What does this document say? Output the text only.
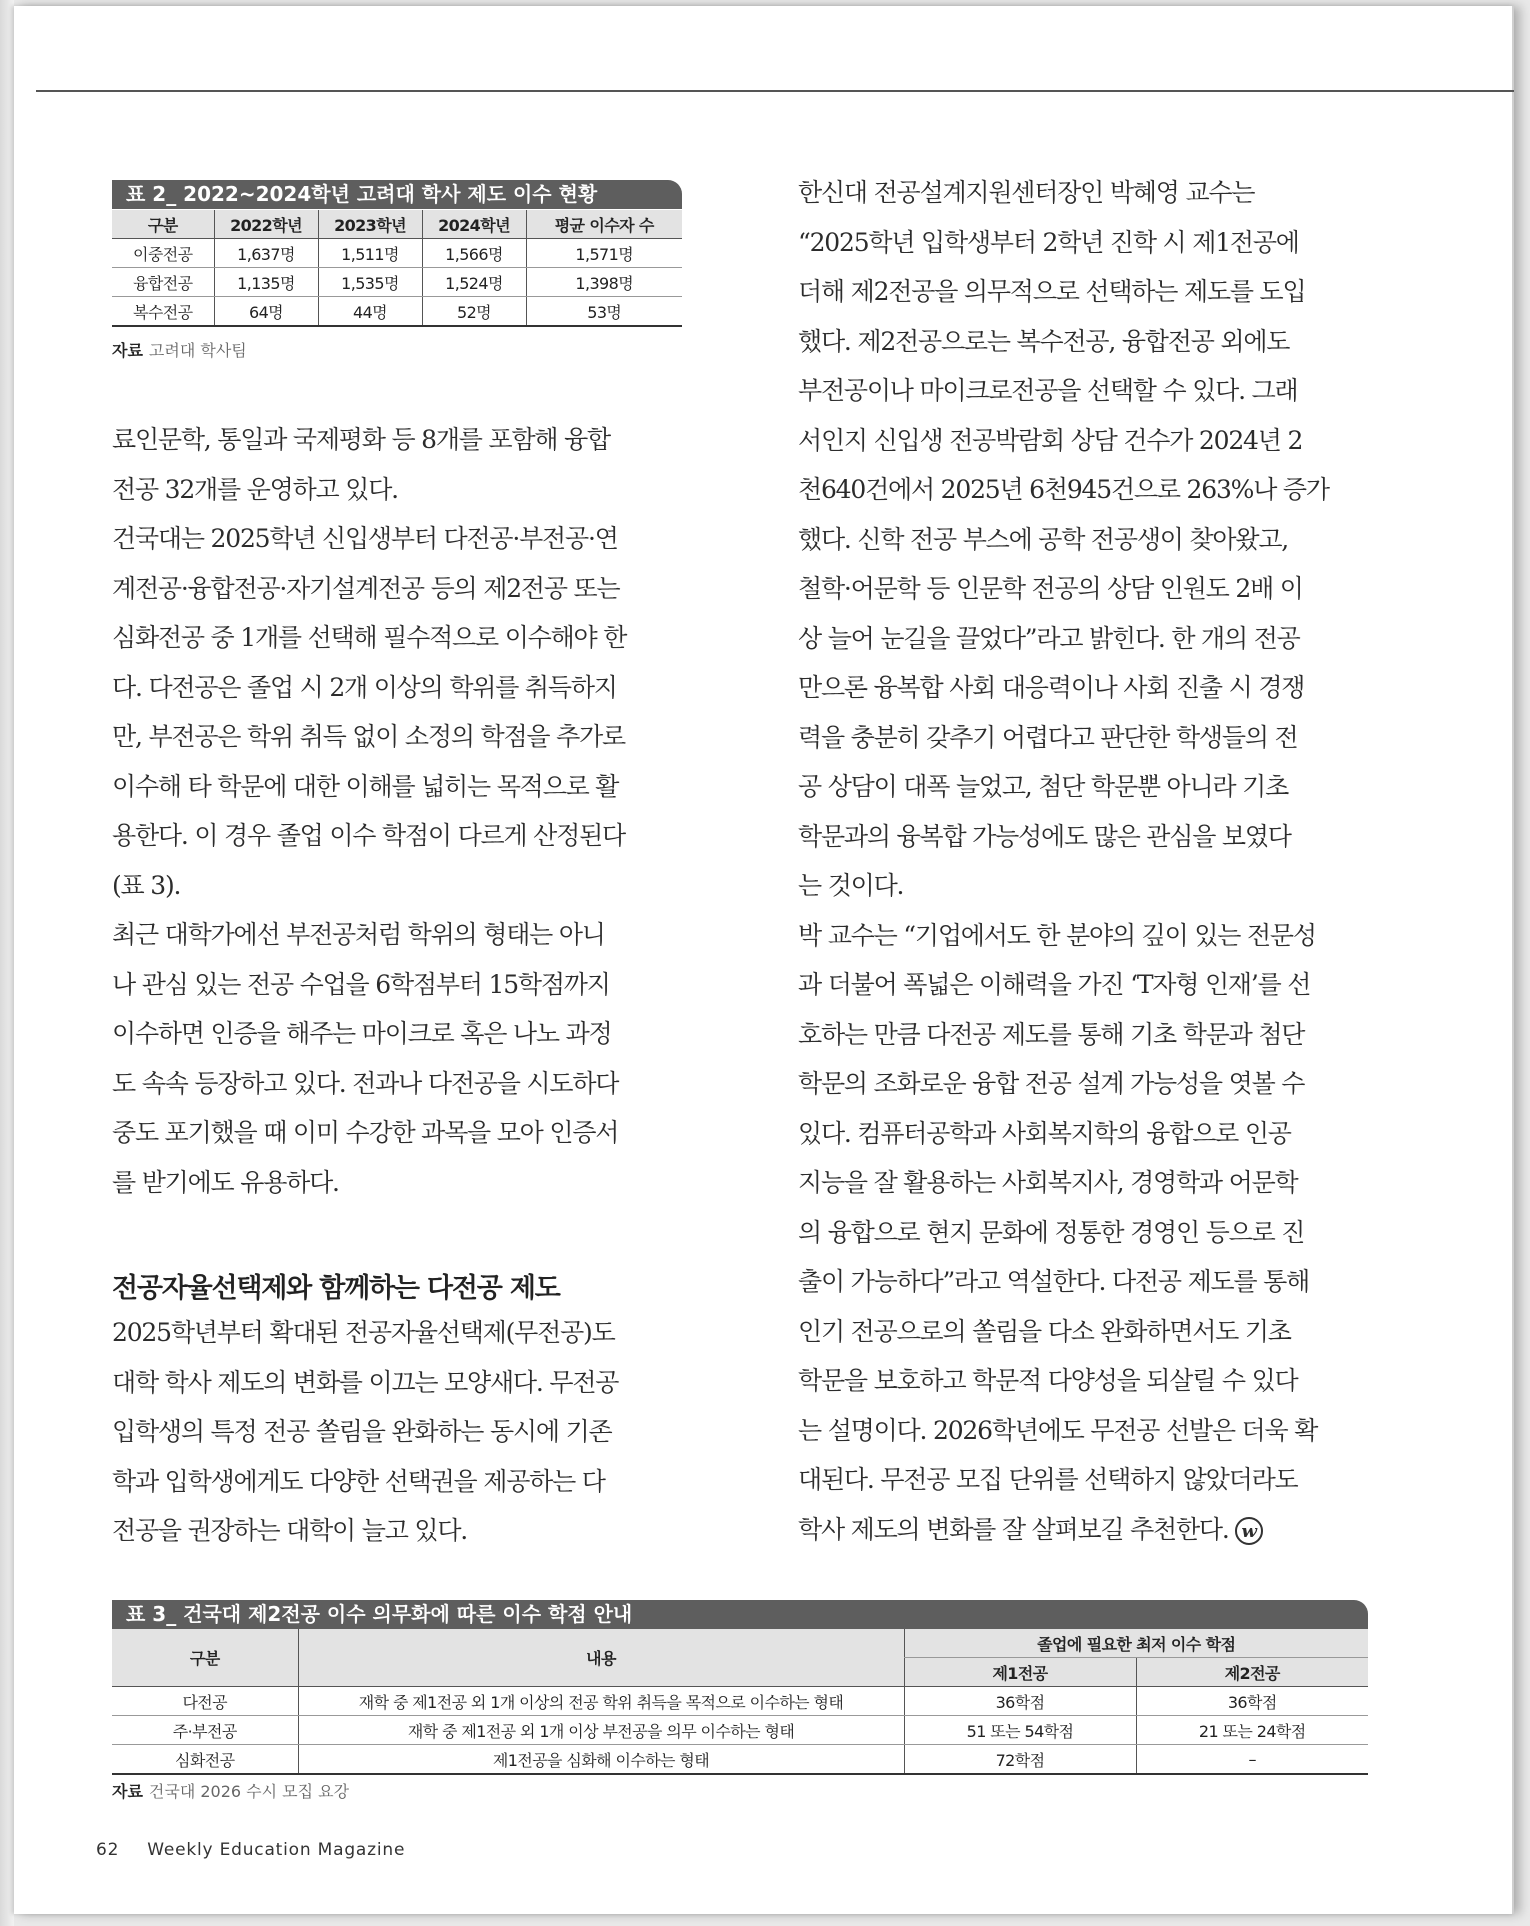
표 2_ 2022~2024학년 고려대 학사 제도 이수 현황
구분	2022학년	2023학년	2024학년	평균 이수자 수
이중전공	1,637명	1,511명	1,566명	1,571명
융합전공	1,135명	1,535명	1,524명	1,398명
복수전공	64명	44명	52명	53명
자료 고려대 학사팀

료인문학, 통일과 국제평화 등 8개를 포함해 융합
전공 32개를 운영하고 있다.

건국대는 2025학년 신입생부터 다전공·부전공·연
계전공·융합전공·자기설계전공 등의 제2전공 또는
심화전공 중 1개를 선택해 필수적으로 이수해야 한
다. 다전공은 졸업 시 2개 이상의 학위를 취득하지
만, 부전공은 학위 취득 없이 소정의 학점을 추가로
이수해 타 학문에 대한 이해를 넓히는 목적으로 활
용한다. 이 경우 졸업 이수 학점이 다르게 산정된다
(표 3).

최근 대학가에선 부전공처럼 학위의 형태는 아니
나 관심 있는 전공 수업을 6학점부터 15학점까지
이수하면 인증을 해주는 마이크로 혹은 나노 과정
도 속속 등장하고 있다. 전과나 다전공을 시도하다
중도 포기했을 때 이미 수강한 과목을 모아 인증서
를 받기에도 유용하다.

전공자율선택제와 함께하는 다전공 제도

2025학년부터 확대된 전공자율선택제(무전공)도
대학 학사 제도의 변화를 이끄는 모양새다. 무전공
입학생의 특정 전공 쏠림을 완화하는 동시에 기존
학과 입학생에게도 다양한 선택권을 제공하는 다
전공을 권장하는 대학이 늘고 있다.

한신대 전공설계지원센터장인 박혜영 교수는
“2025학년 입학생부터 2학년 진학 시 제1전공에
더해 제2전공을 의무적으로 선택하는 제도를 도입
했다. 제2전공으로는 복수전공, 융합전공 외에도
부전공이나 마이크로전공을 선택할 수 있다. 그래
서인지 신입생 전공박람회 상담 건수가 2024년 2
천640건에서 2025년 6천945건으로 263%나 증가
했다. 신학 전공 부스에 공학 전공생이 찾아왔고,
철학·어문학 등 인문학 전공의 상담 인원도 2배 이
상 늘어 눈길을 끌었다”라고 밝힌다. 한 개의 전공
만으론 융복합 사회 대응력이나 사회 진출 시 경쟁
력을 충분히 갖추기 어렵다고 판단한 학생들의 전
공 상담이 대폭 늘었고, 첨단 학문뿐 아니라 기초
학문과의 융복합 가능성에도 많은 관심을 보였다
는 것이다.

박 교수는 “기업에서도 한 분야의 깊이 있는 전문성
과 더불어 폭넓은 이해력을 가진 ‘T자형 인재’를 선
호하는 만큼 다전공 제도를 통해 기초 학문과 첨단
학문의 조화로운 융합 전공 설계 가능성을 엿볼 수
있다. 컴퓨터공학과 사회복지학의 융합으로 인공
지능을 잘 활용하는 사회복지사, 경영학과 어문학
의 융합으로 현지 문화에 정통한 경영인 등으로 진
출이 가능하다”라고 역설한다. 다전공 제도를 통해
인기 전공으로의 쏠림을 다소 완화하면서도 기초
학문을 보호하고 학문적 다양성을 되살릴 수 있다
는 설명이다. 2026학년에도 무전공 선발은 더욱 확
대된다. 무전공 모집 단위를 선택하지 않았더라도
학사 제도의 변화를 잘 살펴보길 추천한다. w

표 3_ 건국대 제2전공 이수 의무화에 따른 이수 학점 안내
구분	내용	졸업에 필요한 최저 이수 학점	
		제1전공	제2전공
다전공	재학 중 제1전공 외 1개 이상의 전공 학위 취득을 목적으로 이수하는 형태	36학점	36학점
주·부전공	재학 중 제1전공 외 1개 이상 부전공을 의무 이수하는 형태	51 또는 54학점	21 또는 24학점
심화전공	제1전공을 심화해 이수하는 형태	72학점	–
자료 건국대 2026 수시 모집 요강
62 Weekly Education Magazine
